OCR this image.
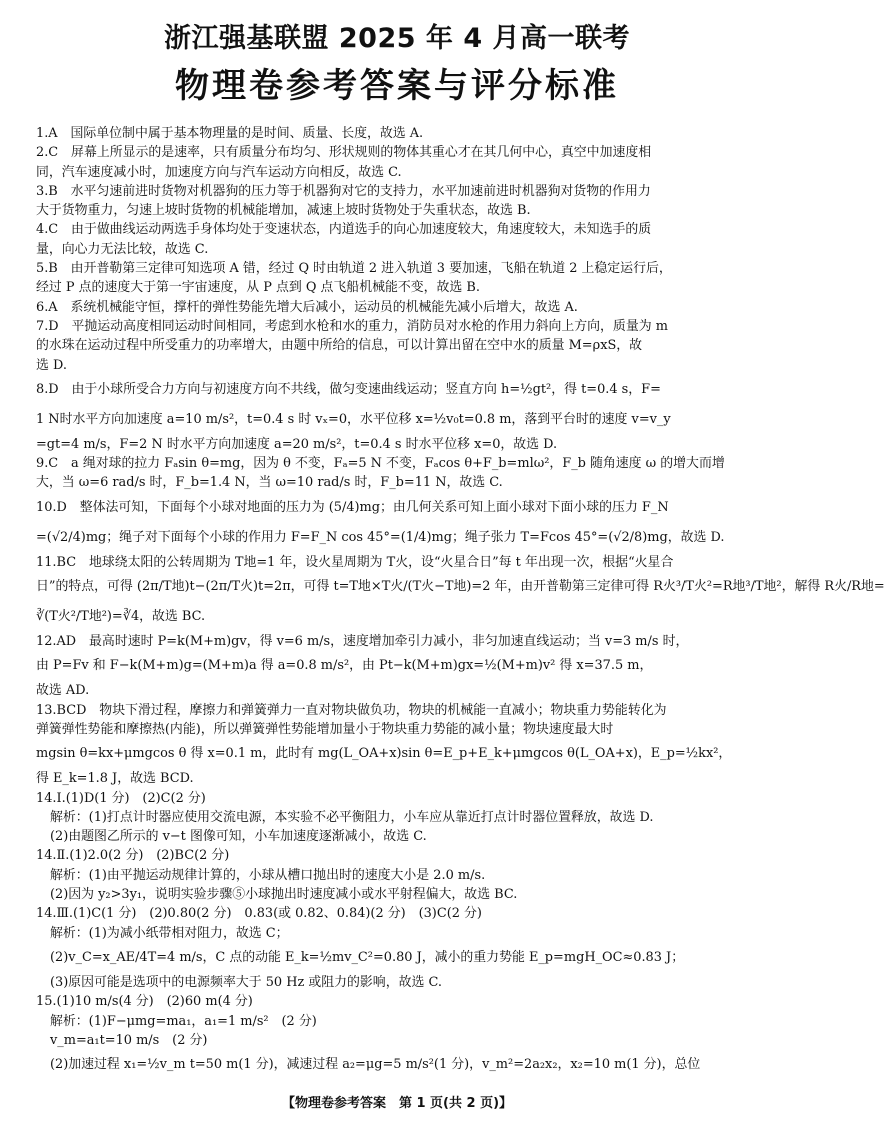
浙江强基联盟 2025 年 4 月高一联考
物理卷参考答案与评分标准
1.A　国际单位制中属于基本物理量的是时间、质量、长度，故选 A.
2.C　屏幕上所显示的是速率，只有质量分布均匀、形状规则的物体其重心才在其几何中心，真空中加速度相
同，汽车速度减小时，加速度方向与汽车运动方向相反，故选 C.
3.B　水平匀速前进时货物对机器狗的压力等于机器狗对它的支持力，水平加速前进时机器狗对货物的作用力
大于货物重力，匀速上坡时货物的机械能增加，减速上坡时货物处于失重状态，故选 B.
4.C　由于做曲线运动两选手身体均处于变速状态，内道选手的向心加速度较大，角速度较大，未知选手的质
量，向心力无法比较，故选 C.
5.B　由开普勒第三定律可知选项 A 错，经过 Q 时由轨道 2 进入轨道 3 要加速，飞船在轨道 2 上稳定运行后，
经过 P 点的速度大于第一宇宙速度，从 P 点到 Q 点飞船机械能不变，故选 B.
6.A　系统机械能守恒，撑杆的弹性势能先增大后减小，运动员的机械能先减小后增大，故选 A.
7.D　平抛运动高度相同运动时间相同，考虑到水枪和水的重力，消防员对水枪的作用力斜向上方向，质量为 m
的水珠在运动过程中所受重力的功率增大，由题中所给的信息，可以计算出留在空中水的质量 M=ρxS，故
选 D.
8.D　由于小球所受合力方向与初速度方向不共线，做匀变速曲线运动；竖直方向 h=½gt²，得 t=0.4 s，F=
1 N时水平方向加速度 a=10 m/s²，t=0.4 s 时 vₓ=0，水平位移 x=½v₀t=0.8 m，落到平台时的速度 v=v_y
=gt=4 m/s，F=2 N 时水平方向加速度 a=20 m/s²，t=0.4 s 时水平位移 x=0，故选 D.
9.C　a 绳对球的拉力 Fₐsin θ=mg，因为 θ 不变，Fₐ=5 N 不变，Fₐcos θ+F_b=mlω²，F_b 随角速度 ω 的增大而增
大，当 ω=6 rad/s 时，F_b=1.4 N，当 ω=10 rad/s 时，F_b=11 N，故选 C.
10.D　整体法可知，下面每个小球对地面的压力为 (5/4)mg；由几何关系可知上面小球对下面小球的压力 F_N
=(√2/4)mg；绳子对下面每个小球的作用力 F=F_N cos 45°=(1/4)mg；绳子张力 T=Fcos 45°=(√2/8)mg，故选 D.
11.BC　地球绕太阳的公转周期为 T地=1 年，设火星周期为 T火，设“火星合日”每 t 年出现一次，根据“火星合
日”的特点，可得 (2π/T地)t−(2π/T火)t=2π，可得 t=T地×T火/(T火−T地)=2 年，由开普勒第三定律可得 R火³/T火²=R地³/T地²，解得 R火/R地=
∛(T火²/T地²)=∛4，故选 BC.
12.AD　最高时速时 P=k(M+m)gv，得 v=6 m/s，速度增加牵引力减小，非匀加速直线运动；当 v=3 m/s 时，
由 P=Fv 和 F−k(M+m)g=(M+m)a 得 a=0.8 m/s²，由 Pt−k(M+m)gx=½(M+m)v² 得 x=37.5 m，
故选 AD.
13.BCD　物块下滑过程，摩擦力和弹簧弹力一直对物块做负功，物块的机械能一直减小；物块重力势能转化为
弹簧弹性势能和摩擦热(内能)，所以弹簧弹性势能增加量小于物块重力势能的减小量；物块速度最大时
mgsin θ=kx+μmgcos θ 得 x=0.1 m，此时有 mg(L_OA+x)sin θ=E_p+E_k+μmgcos θ(L_OA+x)，E_p=½kx²，
得 E_k=1.8 J，故选 BCD.
14.Ⅰ.(1)D(1 分)　(2)C(2 分)
解析：(1)打点计时器应使用交流电源，本实验不必平衡阻力，小车应从靠近打点计时器位置释放，故选 D.
(2)由题图乙所示的 v−t 图像可知，小车加速度逐渐减小，故选 C.
14.Ⅱ.(1)2.0(2 分)　(2)BC(2 分)
解析：(1)由平抛运动规律计算的，小球从槽口抛出时的速度大小是 2.0 m/s.
(2)因为 y₂>3y₁，说明实验步骤⑤小球抛出时速度减小或水平射程偏大，故选 BC.
14.Ⅲ.(1)C(1 分)　(2)0.80(2 分)　0.83(或 0.82、0.84)(2 分)　(3)C(2 分)
解析：(1)为减小纸带相对阻力，故选 C；
(2)v_C=x_AE/4T=4 m/s，C 点的动能 E_k=½mv_C²=0.80 J，减小的重力势能 E_p=mgH_OC≈0.83 J；
(3)原因可能是选项中的电源频率大于 50 Hz 或阻力的影响，故选 C.
15.(1)10 m/s(4 分)　(2)60 m(4 分)
解析：(1)F−μmg=ma₁，a₁=1 m/s²　(2 分)
v_m=a₁t=10 m/s　(2 分)
(2)加速过程 x₁=½v_m t=50 m(1 分)，减速过程 a₂=μg=5 m/s²(1 分)，v_m²=2a₂x₂，x₂=10 m(1 分)，总位
【物理卷参考答案　第 1 页(共 2 页)】
